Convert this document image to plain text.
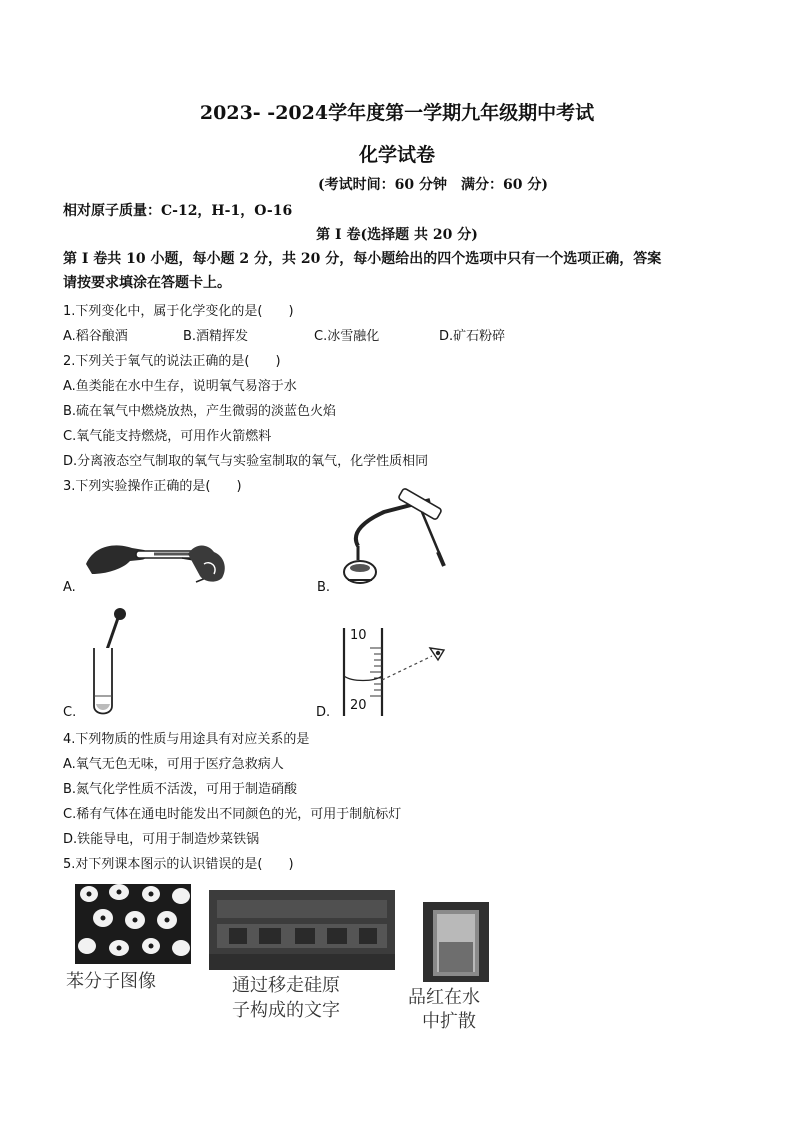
2023- -2024学年度第一学期九年级期中考试
化学试卷
(考试时间：60 分钟　满分：60 分)
相对原子质量：C-12，H-1，O-16
第 I 卷(选择题 共 20 分)
第 I 卷共 10 小题，每小题 2 分，共 20 分，每小题给出的四个选项中只有一个选项正确，答案
请按要求填涂在答题卡上。
1.下列变化中，属于化学变化的是(　　)
A.稻谷酿酒	B.酒精挥发	C.冰雪融化	D.矿石粉碎
2.下列关于氧气的说法正确的是(　　)
A.鱼类能在水中生存，说明氧气易溶于水
B.硫在氧气中燃烧放热，产生微弱的淡蓝色火焰
C.氧气能支持燃烧，可用作火箭燃料
D.分离液态空气制取的氧气与实验室制取的氧气，化学性质相同
3.下列实验操作正确的是(　　)
A.	B.
C.
10
20
D.
4.下列物质的性质与用途具有对应关系的是
A.氧气无色无味，可用于医疗急救病人
B.氮气化学性质不活泼，可用于制造硝酸
C.稀有气体在通电时能发出不同颜色的光，可用于制航标灯
D.铁能导电，可用于制造炒菜铁锅
5.对下列课本图示的认识错误的是(　　)
苯分子图像	通过移走硅原
子构成的文字
品红在水
中扩散
